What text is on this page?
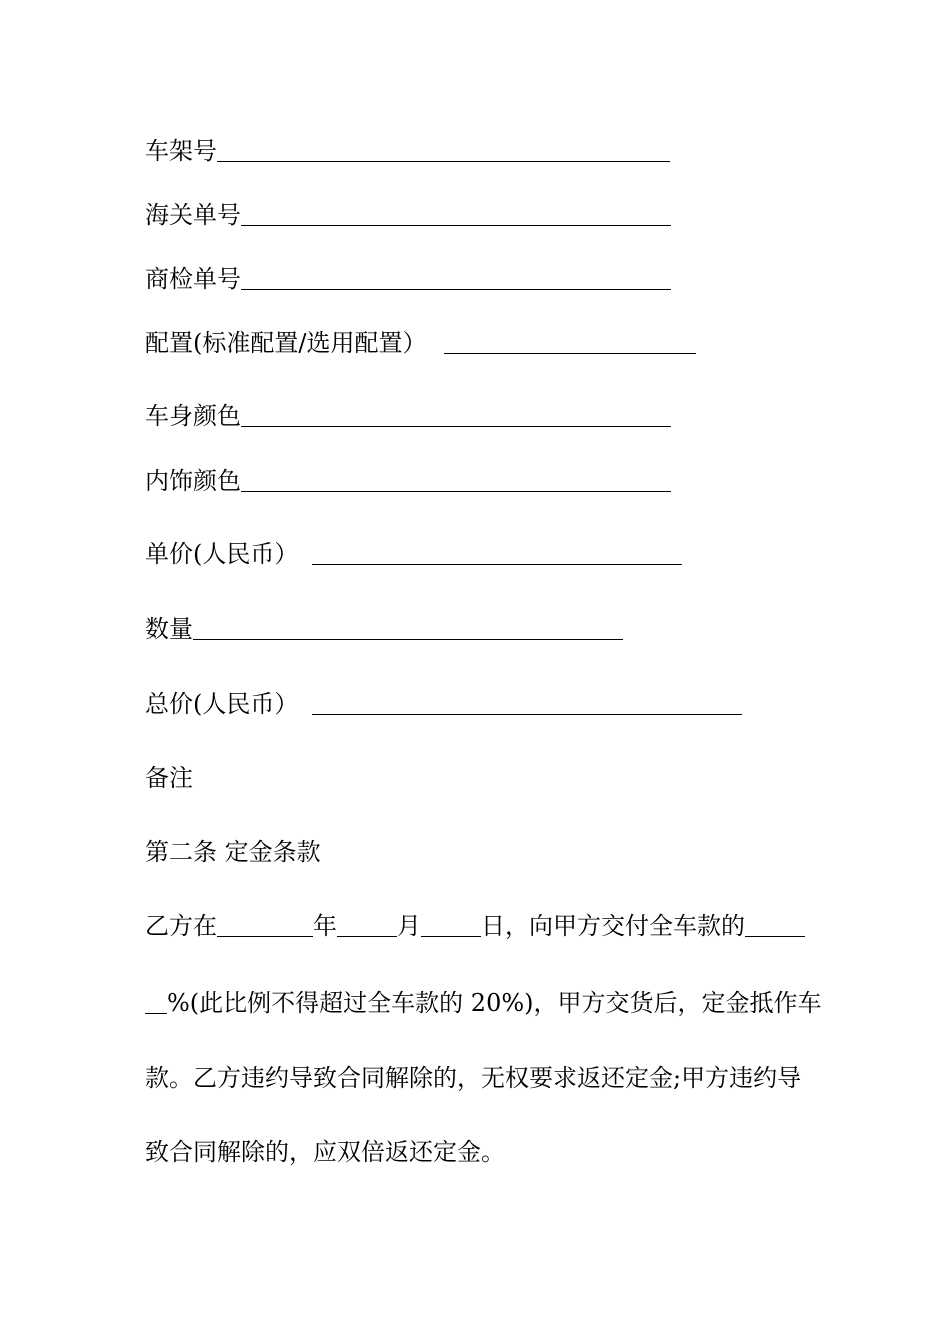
车架号
海关单号
商检单号
配置(标准配置/选用配置）
车身颜色
内饰颜色
单价(人民币）
数量
总价(人民币）
备注
第二条 定金条款
乙方在	年	月	日，向甲方交付全车款的
%(此比例不得超过全车款的 20%)，甲方交货后，定金抵作车
款。乙方违约导致合同解除的，无权要求返还定金;甲方违约导
致合同解除的，应双倍返还定金。
